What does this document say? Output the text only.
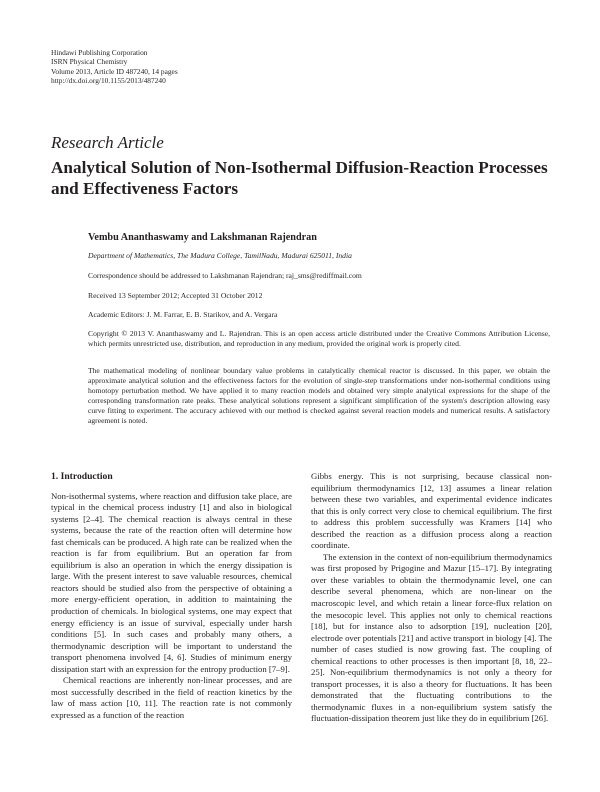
Hindawi Publishing Corporation
ISRN Physical Chemistry
Volume 2013, Article ID 487240, 14 pages
http://dx.doi.org/10.1155/2013/487240
Research Article
Analytical Solution of Non-Isothermal Diffusion-Reaction Processes and Effectiveness Factors
Vembu Ananthaswamy and Lakshmanan Rajendran
Department of Mathematics, The Madura College, TamilNadu, Madurai 625011, India
Correspondence should be addressed to Lakshmanan Rajendran; raj_sms@rediffmail.com
Received 13 September 2012; Accepted 31 October 2012
Academic Editors: J. M. Farrar, E. B. Starikov, and A. Vergara
Copyright © 2013 V. Ananthaswamy and L. Rajendran. This is an open access article distributed under the Creative Commons Attribution License, which permits unrestricted use, distribution, and reproduction in any medium, provided the original work is properly cited.
The mathematical modeling of nonlinear boundary value problems in catalytically chemical reactor is discussed. In this paper, we obtain the approximate analytical solution and the effectiveness factors for the evolution of single-step transformations under non-isothermal conditions using homotopy perturbation method. We have applied it to many reaction models and obtained very simple analytical expressions for the shape of the corresponding transformation rate peaks. These analytical solutions represent a significant simplification of the system's description allowing easy curve fitting to experiment. The accuracy achieved with our method is checked against several reaction models and numerical results. A satisfactory agreement is noted.
1. Introduction

Non-isothermal systems, where reaction and diffusion take place, are typical in the chemical process industry [1] and also in biological systems [2–4]. The chemical reaction is always central in these systems, because the rate of the reaction often will determine how fast chemicals can be produced. A high rate can be realized when the reaction is far from equilibrium. But an operation far from equilibrium is also an operation in which the energy dissipation is large. With the present interest to save valuable resources, chemical reactors should be studied also from the perspective of obtaining a more energy-efficient operation, in addition to maintaining the production of chemicals. In biological systems, one may expect that energy efficiency is an issue of survival, especially under harsh conditions [5]. In such cases and probably many others, a thermodynamic description will be important to understand the transport phenomena involved [4, 6]. Studies of minimum energy dissipation start with an expression for the entropy production [7–9].

Chemical reactions are inherently non-linear processes, and are most successfully described in the field of reaction kinetics by the law of mass action [10, 11]. The reaction rate is not commonly expressed as a function of the reaction

Gibbs energy. This is not surprising, because classical non-equilibrium thermodynamics [12, 13] assumes a linear relation between these two variables, and experimental evidence indicates that this is only correct very close to chemical equilibrium. The first to address this problem successfully was Kramers [14] who described the reaction as a diffusion process along a reaction coordinate.

The extension in the context of non-equilibrium thermodynamics was first proposed by Prigogine and Mazur [15–17]. By integrating over these variables to obtain the thermodynamic level, one can describe several phenomena, which are non-linear on the macroscopic level, and which retain a linear force-flux relation on the mesocopic level. This applies not only to chemical reactions [18], but for instance also to adsorption [19], nucleation [20], electrode over potentials [21] and active transport in biology [4]. The number of cases studied is now growing fast. The coupling of chemical reactions to other processes is then important [8, 18, 22–25]. Non-equilibrium thermodynamics is not only a theory for transport processes, it is also a theory for fluctuations. It has been demonstrated that the fluctuating contributions to the thermodynamic fluxes in a non-equilibrium system satisfy the fluctuation-dissipation theorem just like they do in equilibrium [26].
